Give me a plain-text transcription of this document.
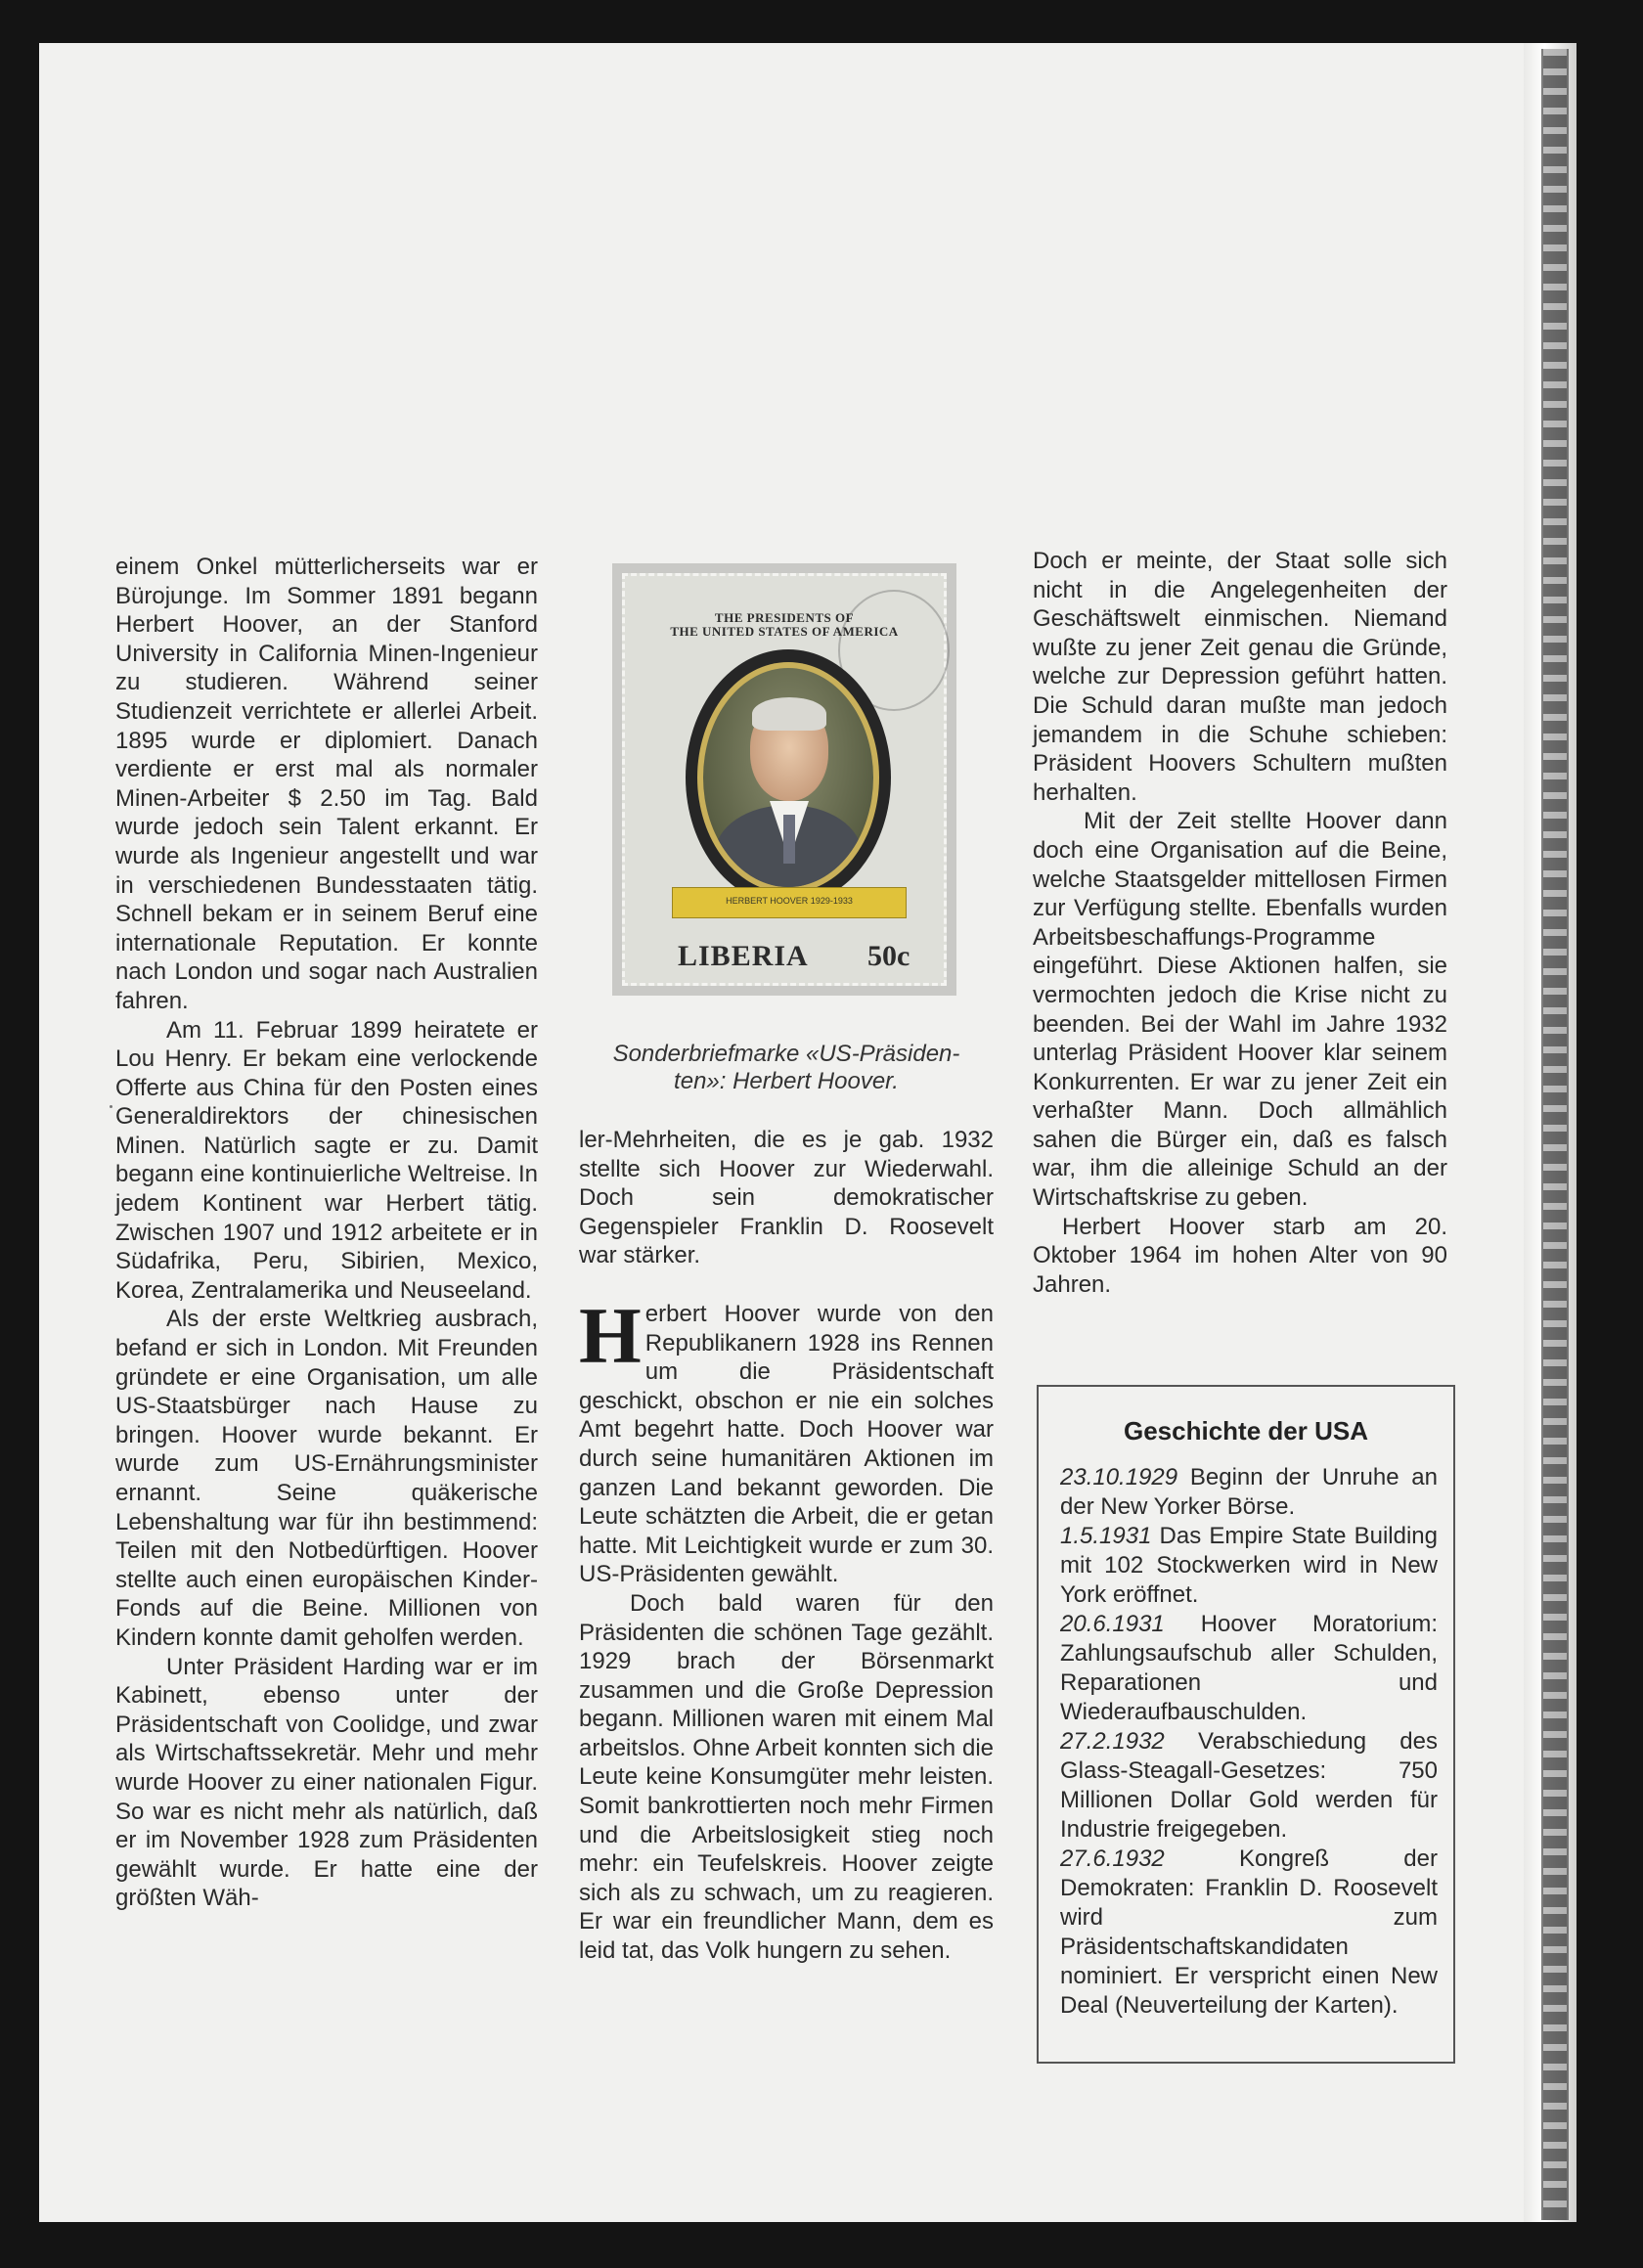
einem Onkel mütterlicherseits war er Bürojunge. Im Sommer 1891 begann Herbert Hoover, an der Stanford University in California Minen-Ingenieur zu studieren. Während seiner Studienzeit verrichtete er allerlei Arbeit. 1895 wurde er diplomiert. Danach verdiente er erst mal als normaler Minen-Arbeiter $ 2.50 im Tag. Bald wurde jedoch sein Talent erkannt. Er wurde als Ingenieur angestellt und war in verschiedenen Bundesstaaten tätig. Schnell bekam er in seinem Beruf eine internationale Reputation. Er konnte nach London und sogar nach Australien fahren.

Am 11. Februar 1899 heiratete er Lou Henry. Er bekam eine verlockende Offerte aus China für den Posten eines Generaldirektors der chinesischen Minen. Natürlich sagte er zu. Damit begann eine kontinuierliche Weltreise. In jedem Kontinent war Herbert tätig. Zwischen 1907 und 1912 arbeitete er in Südafrika, Peru, Sibirien, Mexico, Korea, Zentralamerika und Neuseeland.

Als der erste Weltkrieg ausbrach, befand er sich in London. Mit Freunden gründete er eine Organisation, um alle US-Staatsbürger nach Hause zu bringen. Hoover wurde bekannt. Er wurde zum US-Ernährungsminister ernannt. Seine quäkerische Lebenshaltung war für ihn bestimmend: Teilen mit den Notbedürftigen. Hoover stellte auch einen europäischen Kinder-Fonds auf die Beine. Millionen von Kindern konnte damit geholfen werden.

Unter Präsident Harding war er im Kabinett, ebenso unter der Präsidentschaft von Coolidge, und zwar als Wirtschaftssekretär. Mehr und mehr wurde Hoover zu einer nationalen Figur. So war es nicht mehr als natürlich, daß er im November 1928 zum Präsidenten gewählt wurde. Er hatte eine der größten Wäh-

THE PRESIDENTS OF
THE UNITED STATES OF AMERICA
HERBERT HOOVER 1929-1933
LIBERIA 50c
Sonderbriefmarke «US-Präsiden-
ten»: Herbert Hoover.

ler-Mehrheiten, die es je gab. 1932 stellte sich Hoover zur Wiederwahl. Doch sein demokratischer Gegenspieler Franklin D. Roosevelt war stärker.

Herbert Hoover wurde von den Republikanern 1928 ins Rennen um die Präsidentschaft geschickt, obschon er nie ein solches Amt begehrt hatte. Doch Hoover war durch seine humanitären Aktionen im ganzen Land bekannt geworden. Die Leute schätzten die Arbeit, die er getan hatte. Mit Leichtigkeit wurde er zum 30. US-Präsidenten gewählt.

Doch bald waren für den Präsidenten die schönen Tage gezählt. 1929 brach der Börsenmarkt zusammen und die Große Depression begann. Millionen waren mit einem Mal arbeitslos. Ohne Arbeit konnten sich die Leute keine Konsumgüter mehr leisten. Somit bankrottierten noch mehr Firmen und die Arbeitslosigkeit stieg noch mehr: ein Teufelskreis. Hoover zeigte sich als zu schwach, um zu reagieren. Er war ein freundlicher Mann, dem es leid tat, das Volk hungern zu sehen.

Doch er meinte, der Staat solle sich nicht in die Angelegenheiten der Geschäftswelt einmischen. Niemand wußte zu jener Zeit genau die Gründe, welche zur Depression geführt hatten. Die Schuld daran mußte man jedoch jemandem in die Schuhe schieben: Präsident Hoovers Schultern mußten herhalten.

Mit der Zeit stellte Hoover dann doch eine Organisation auf die Beine, welche Staatsgelder mittellosen Firmen zur Verfügung stellte. Ebenfalls wurden Arbeitsbeschaffungs-Programme eingeführt. Diese Aktionen halfen, sie vermochten jedoch die Krise nicht zu beenden. Bei der Wahl im Jahre 1932 unterlag Präsident Hoover klar seinem Konkurrenten. Er war zu jener Zeit ein verhaßter Mann. Doch allmählich sahen die Bürger ein, daß es falsch war, ihm die alleinige Schuld an der Wirtschaftskrise zu geben.

Herbert Hoover starb am 20. Oktober 1964 im hohen Alter von 90 Jahren.

Geschichte der USA

23.10.1929 Beginn der Unruhe an der New Yorker Börse.

1.5.1931 Das Empire State Building mit 102 Stockwerken wird in New York eröffnet.

20.6.1931 Hoover Moratorium: Zahlungsaufschub aller Schulden, Reparationen und Wiederaufbauschulden.

27.2.1932 Verabschiedung des Glass-Steagall-Gesetzes: 750 Millionen Dollar Gold werden für Industrie freigegeben.

27.6.1932 Kongreß der Demokraten: Franklin D. Roosevelt wird zum Präsidentschaftskandidaten nominiert. Er verspricht einen New Deal (Neuverteilung der Karten).
